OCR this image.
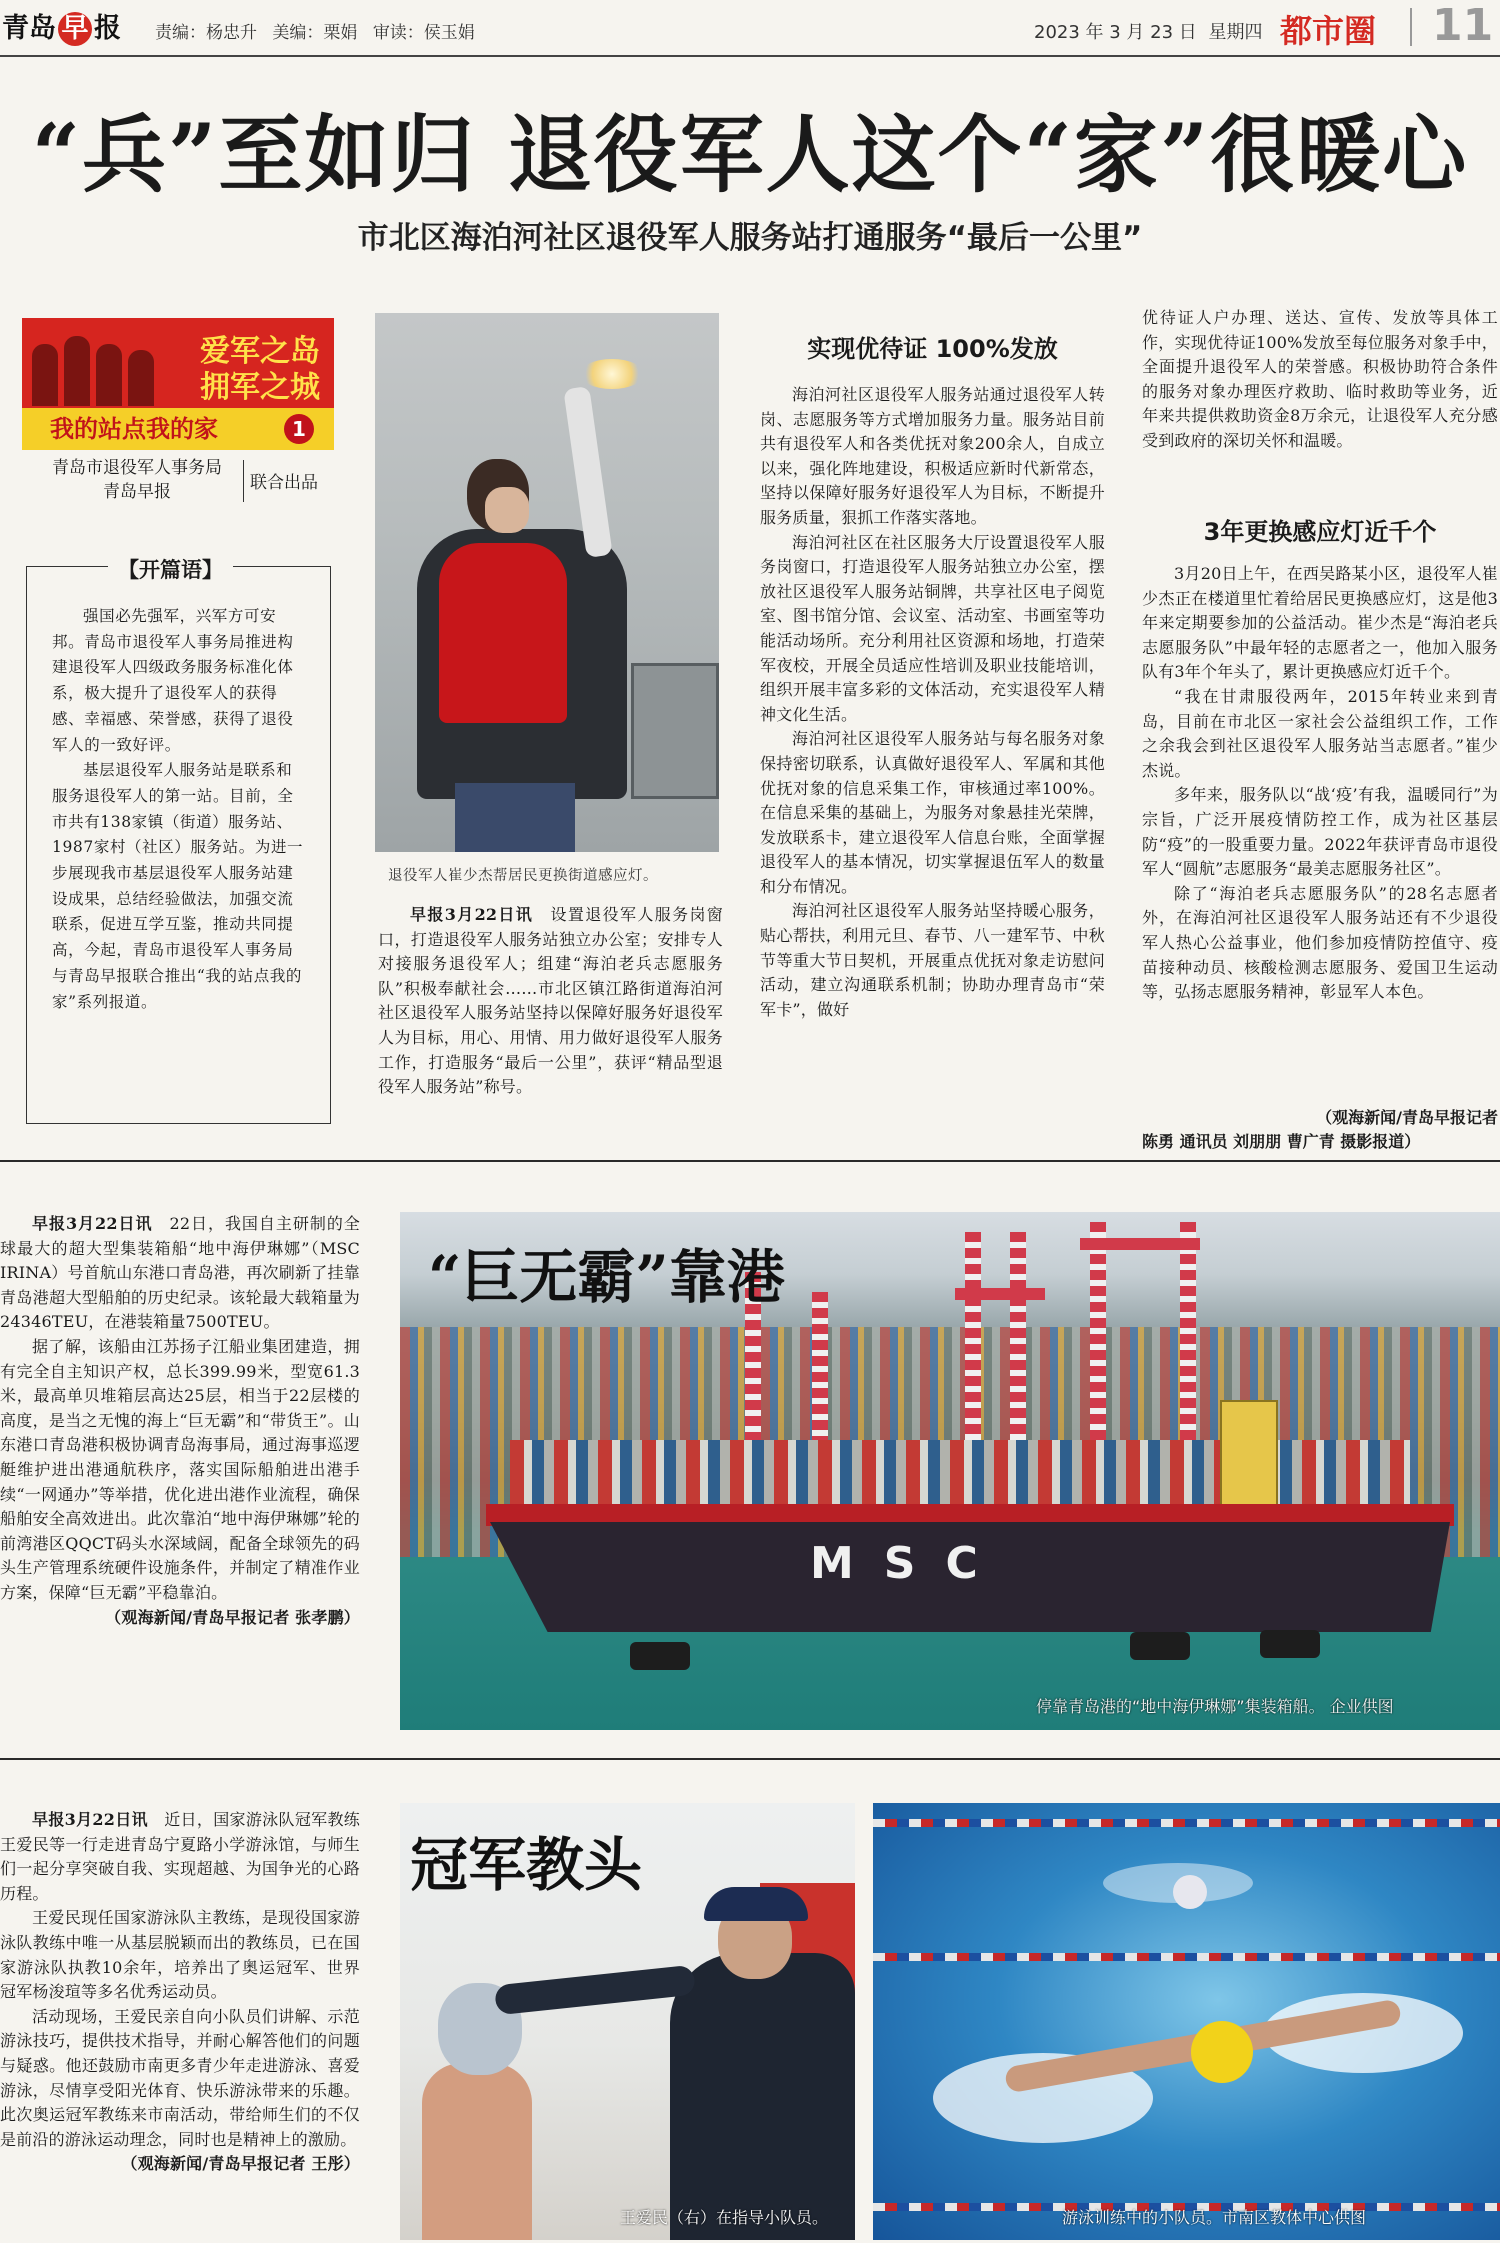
青岛 早 报 责编：杨忠升 美编：栗娟 审读：侯玉娟	2023 年 3 月 23 日 星期四 都市圈 11
“兵”至如归 退役军人这个“家”很暖心
市北区海泊河社区退役军人服务站打通服务“最后一公里”
爱军之岛
拥军之城
我的站点我的家	1
青岛市退役军人事务局
青岛早报	联合出品
【开篇语】

强国必先强军，兴军方可安邦。青岛市退役军人事务局推进构建退役军人四级政务服务标准化体系，极大提升了退役军人的获得感、幸福感、荣誉感，获得了退役军人的一致好评。

基层退役军人服务站是联系和服务退役军人的第一站。目前，全市共有138家镇（街道）服务站、1987家村（社区）服务站。为进一步展现我市基层退役军人服务站建设成果，总结经验做法，加强交流联系，促进互学互鉴，推动共同提高，今起，青岛市退役军人事务局与青岛早报联合推出“我的站点我的家”系列报道。

退役军人崔少杰帮居民更换街道感应灯。

早报3月22日讯　 设置退役军人服务岗窗口，打造退役军人服务站独立办公室；安排专人对接服务退役军人；组建“海泊老兵志愿服务队”积极奉献社会……市北区镇江路街道海泊河社区退役军人服务站坚持以保障好服务好退役军人为目标，用心、用情、用力做好退役军人服务工作，打造服务“最后一公里”，获评“精品型退役军人服务站”称号。

实现优待证 100%发放

海泊河社区退役军人服务站通过退役军人转岗、志愿服务等方式增加服务力量。服务站目前共有退役军人和各类优抚对象200余人，自成立以来，强化阵地建设，积极适应新时代新常态，坚持以保障好服务好退役军人为目标，不断提升服务质量，狠抓工作落实落地。

海泊河社区在社区服务大厅设置退役军人服务岗窗口，打造退役军人服务站独立办公室，摆放社区退役军人服务站铜牌，共享社区电子阅览室、图书馆分馆、会议室、活动室、书画室等功能活动场所。充分利用社区资源和场地，打造荣军夜校，开展全员适应性培训及职业技能培训，组织开展丰富多彩的文体活动，充实退役军人精神文化生活。

海泊河社区退役军人服务站与每名服务对象保持密切联系，认真做好退役军人、军属和其他优抚对象的信息采集工作，审核通过率100%。在信息采集的基础上，为服务对象悬挂光荣牌，发放联系卡，建立退役军人信息台账，全面掌握退役军人的基本情况，切实掌握退伍军人的数量和分布情况。

海泊河社区退役军人服务站坚持暖心服务，贴心帮扶，利用元旦、春节、八一建军节、中秋节等重大节日契机，开展重点优抚对象走访慰问活动，建立沟通联系机制；协助办理青岛市“荣军卡”，做好

优待证人户办理、送达、宣传、发放等具体工作，实现优待证100%发放至每位服务对象手中，全面提升退役军人的荣誉感。积极协助符合条件的服务对象办理医疗救助、临时救助等业务，近年来共提供救助资金8万余元，让退役军人充分感受到政府的深切关怀和温暖。

3年更换感应灯近千个

3月20日上午，在西吴路某小区，退役军人崔少杰正在楼道里忙着给居民更换感应灯，这是他3年来定期要参加的公益活动。崔少杰是“海泊老兵志愿服务队”中最年轻的志愿者之一，他加入服务队有3年个年头了，累计更换感应灯近千个。

“我在甘肃服役两年，2015年转业来到青岛，目前在市北区一家社会公益组织工作，工作之余我会到社区退役军人服务站当志愿者。”崔少杰说。

多年来，服务队以“战‘疫’有我，温暖同行”为宗旨，广泛开展疫情防控工作，成为社区基层防“疫”的一股重要力量。2022年获评青岛市退役军人“圆航”志愿服务“最美志愿服务社区”。

除了“海泊老兵志愿服务队”的28名志愿者外，在海泊河社区退役军人服务站还有不少退役军人热心公益事业，他们参加疫情防控值守、疫苗接种动员、核酸检测志愿服务、爱国卫生运动等，弘扬志愿服务精神，彰显军人本色。

（观海新闻/青岛早报记者
陈勇 通讯员 刘朋朋 曹广青 摄影报道）

早报3月22日讯　 22日，我国自主研制的全球最大的超大型集装箱船“地中海伊琳娜”（MSC IRINA）号首航山东港口青岛港，再次刷新了挂靠青岛港超大型船舶的历史纪录。该轮最大载箱量为24346TEU，在港装箱量7500TEU。

据了解，该船由江苏扬子江船业集团建造，拥有完全自主知识产权，总长399.99米，型宽61.3米，最高单贝堆箱层高达25层，相当于22层楼的高度，是当之无愧的海上“巨无霸”和“带货王”。山东港口青岛港积极协调青岛海事局，通过海事巡逻艇维护进出港通航秩序，落实国际船舶进出港手续“一网通办”等举措，优化进出港作业流程，确保船舶安全高效进出。此次靠泊“地中海伊琳娜”轮的前湾港区QQCT码头水深域阔，配备全球领先的码头生产管理系统硬件设施条件，并制定了精准作业方案，保障“巨无霸”平稳靠泊。

（观海新闻/青岛早报记者 张孝鹏）

MSC
“巨无霸”靠港
停靠青岛港的“地中海伊琳娜”集装箱船。 企业供图

早报3月22日讯　 近日，国家游泳队冠军教练王爱民等一行走进青岛宁夏路小学游泳馆，与师生们一起分享突破自我、实现超越、为国争光的心路历程。

王爱民现任国家游泳队主教练，是现役国家游泳队教练中唯一从基层脱颖而出的教练员，已在国家游泳队执教10余年，培养出了奥运冠军、世界冠军杨浚瑄等多名优秀运动员。

活动现场，王爱民亲自向小队员们讲解、示范游泳技巧，提供技术指导，并耐心解答他们的问题与疑惑。他还鼓励市南更多青少年走进游泳、喜爱游泳，尽情享受阳光体育、快乐游泳带来的乐趣。此次奥运冠军教练来市南活动，带给师生们的不仅是前沿的游泳运动理念，同时也是精神上的激励。

（观海新闻/青岛早报记者 王彤）

冠军教头
王爱民（右）在指导小队员。	游泳训练中的小队员。市南区教体中心供图
